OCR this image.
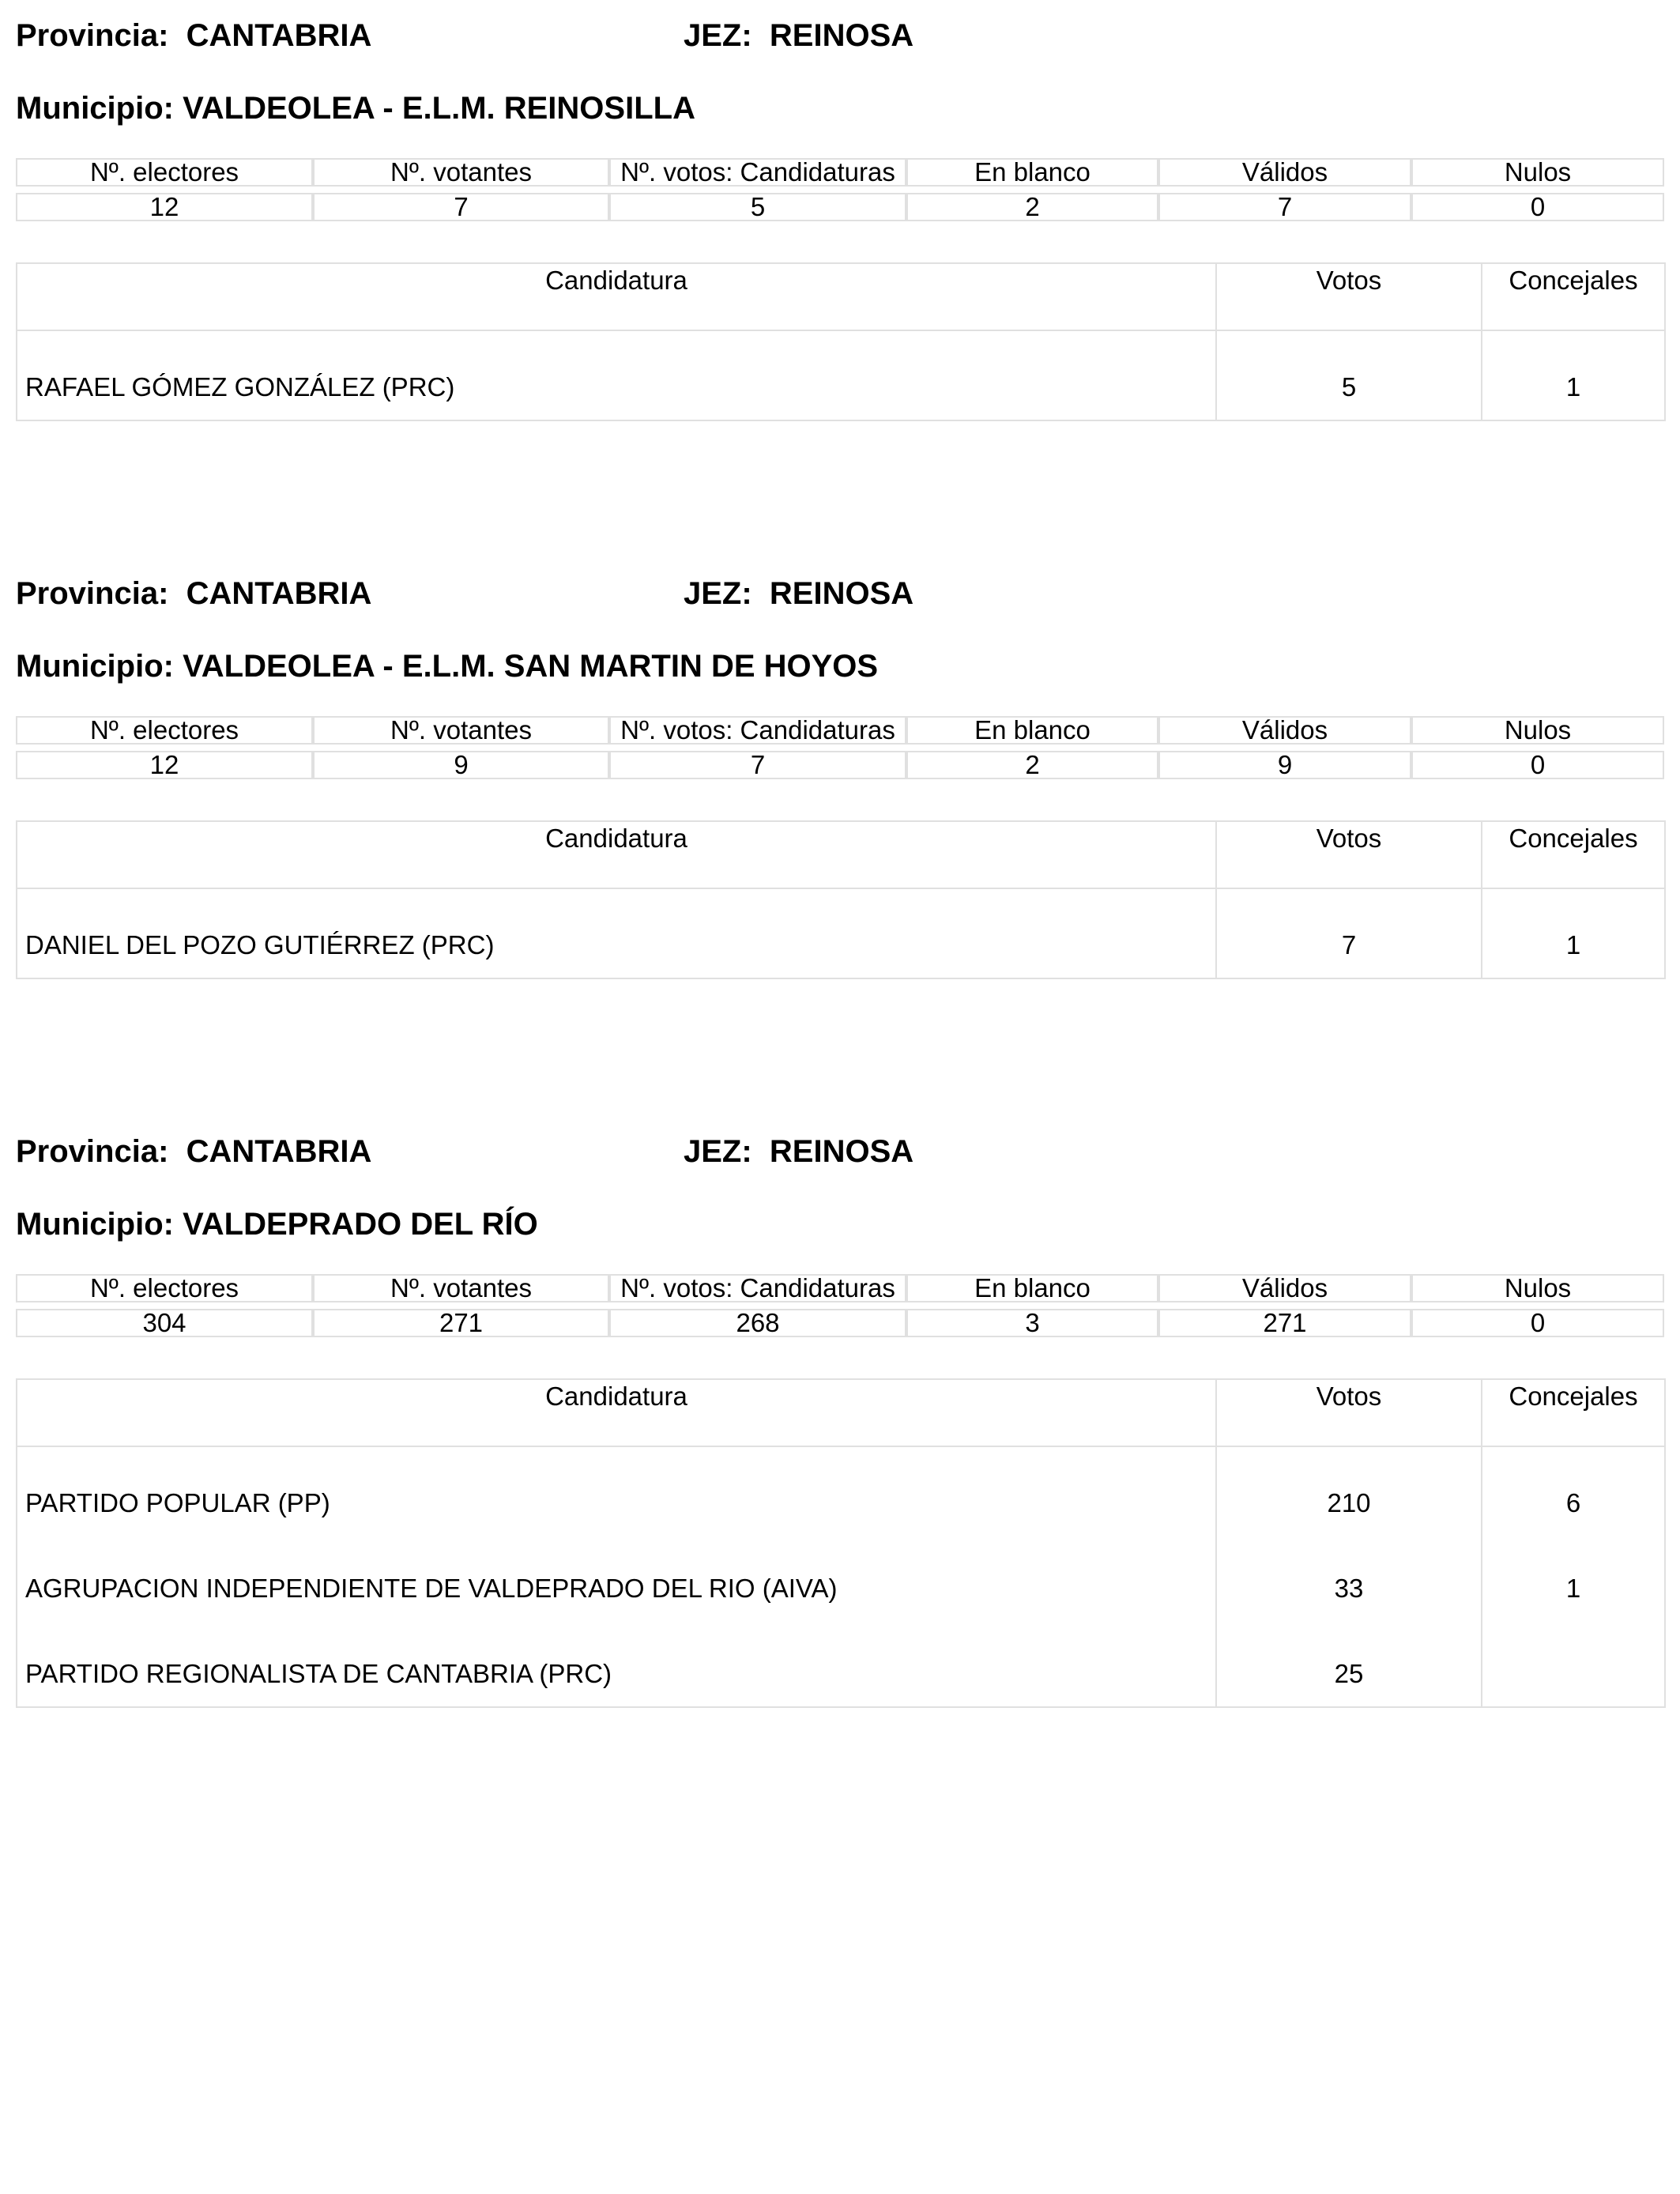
Provincia:  CANTABRIA	JEZ:  REINOSA
Municipio: VALDEOLEA - E.L.M. REINOSILLA
Nº. electores	Nº. votantes	Nº. votos: Candidaturas	En blanco	Válidos	Nulos

12	7	5	2	7	0
Candidatura	Votos	Concejales
RAFAEL GÓMEZ GONZÁLEZ (PRC)	5	1
Provincia:  CANTABRIA	JEZ:  REINOSA
Municipio: VALDEOLEA - E.L.M. SAN MARTIN DE HOYOS
Nº. electores	Nº. votantes	Nº. votos: Candidaturas	En blanco	Válidos	Nulos

12	9	7	2	9	0
Candidatura	Votos	Concejales
DANIEL DEL POZO GUTIÉRREZ (PRC)	7	1
Provincia:  CANTABRIA	JEZ:  REINOSA
Municipio: VALDEPRADO DEL RÍO
Nº. electores	Nº. votantes	Nº. votos: Candidaturas	En blanco	Válidos	Nulos

304	271	268	3	271	0
Candidatura	Votos	Concejales
PARTIDO POPULAR (PP)	210	6
AGRUPACION INDEPENDIENTE DE VALDEPRADO DEL RIO (AIVA)	33	1
PARTIDO REGIONALISTA DE CANTABRIA (PRC)	25	
